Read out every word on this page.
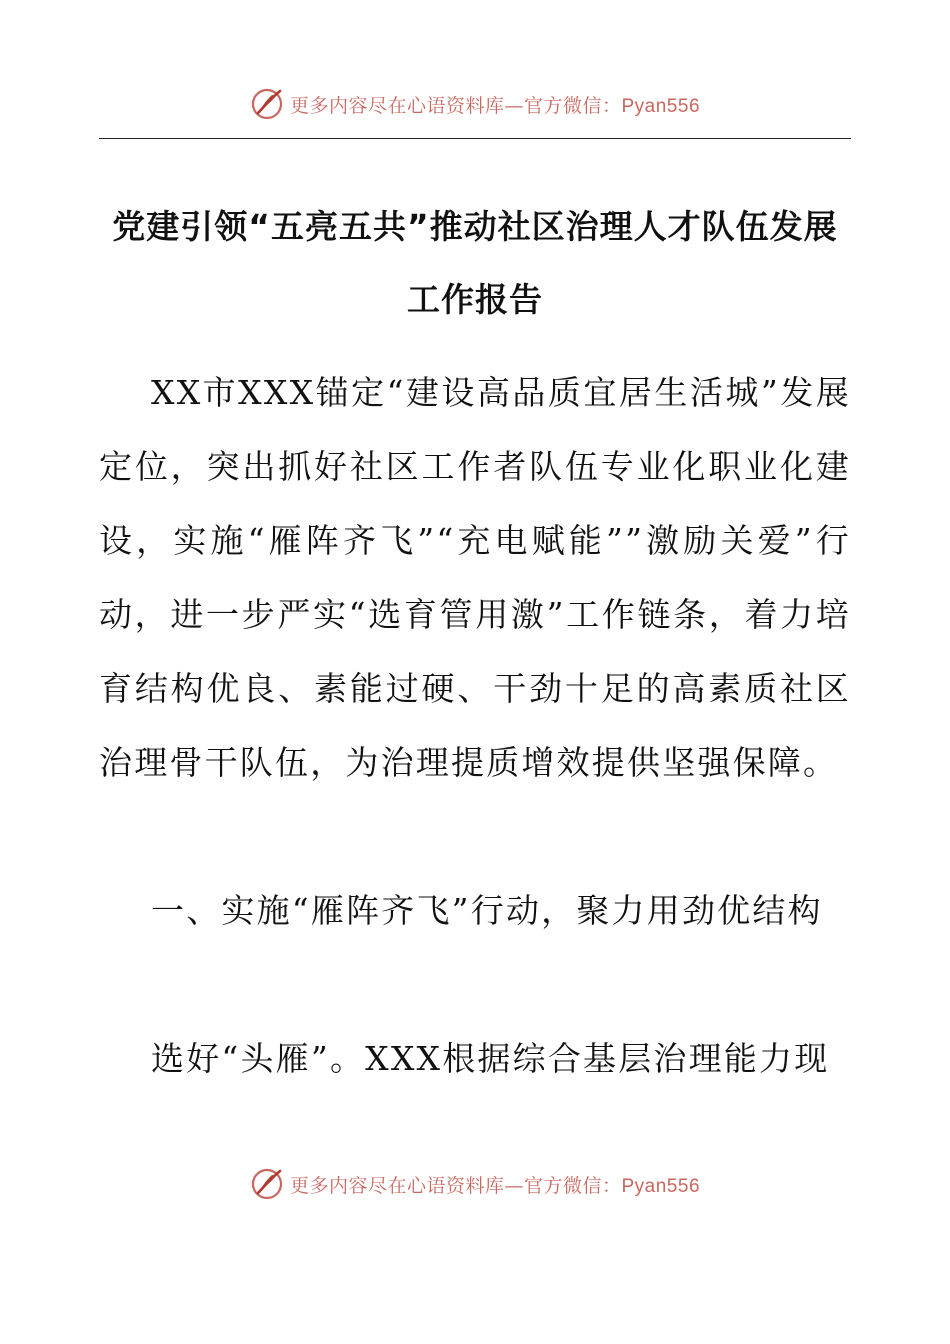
更多内容尽在心语资料库—官方微信：Pyan556
党建引领“五亮五共”推动社区治理人才队伍发展工作报告

XX市XXX锚定“建设高品质宜居生活城”发展定位，突出抓好社区工作者队伍专业化职业化建设，实施“雁阵齐飞”“充电赋能””激励关爱”行动，进一步严实“选育管用激”工作链条，着力培育结构优良、素能过硬、干劲十足的高素质社区治理骨干队伍，为治理提质增效提供坚强保障。

一、实施“雁阵齐飞”行动，聚力用劲优结构

选好“头雁”。XXX根据综合基层治理能力现

更多内容尽在心语资料库—官方微信：Pyan556
